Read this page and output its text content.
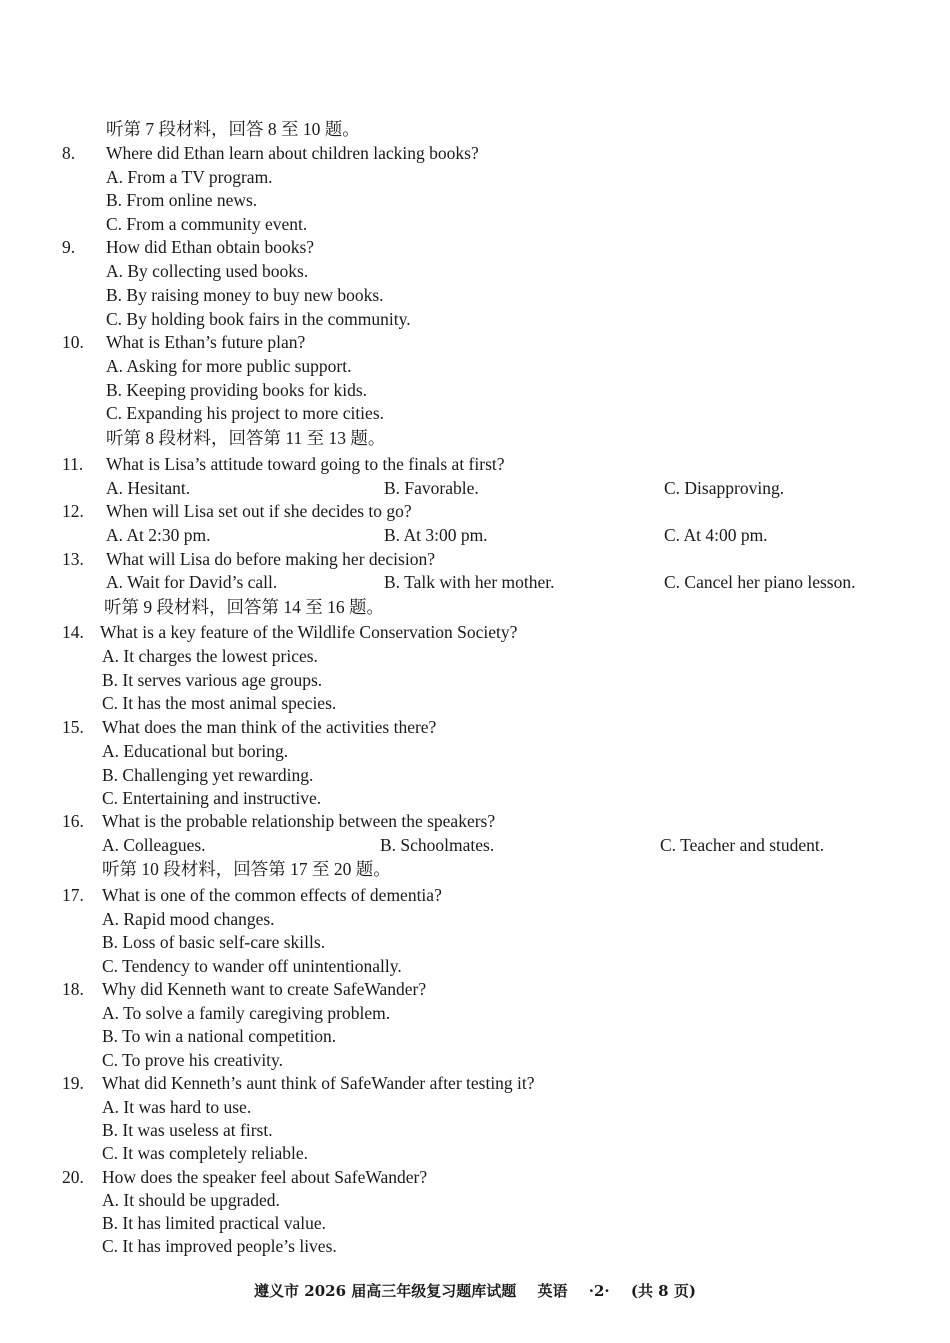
听第 7 段材料，回答 8 至 10 题。
8. Where did Ethan learn about children lacking books?
A. From a TV program.
B. From online news.
C. From a community event.
9. How did Ethan obtain books?
A. By collecting used books.
B. By raising money to buy new books.
C. By holding book fairs in the community.
10. What is Ethan’s future plan?
A. Asking for more public support.
B. Keeping providing books for kids.
C. Expanding his project to more cities.
听第 8 段材料，回答第 11 至 13 题。
11. What is Lisa’s attitude toward going to the finals at first?
A. Hesitant.	B. Favorable.	C. Disapproving.
12. When will Lisa set out if she decides to go?
A. At 2:30 pm.	B. At 3:00 pm.	C. At 4:00 pm.
13. What will Lisa do before making her decision?
A. Wait for David’s call.	B. Talk with her mother.	C. Cancel her piano lesson.
听第 9 段材料，回答第 14 至 16 题。
14. What is a key feature of the Wildlife Conservation Society?
A. It charges the lowest prices.
B. It serves various age groups.
C. It has the most animal species.
15. What does the man think of the activities there?
A. Educational but boring.
B. Challenging yet rewarding.
C. Entertaining and instructive.
16. What is the probable relationship between the speakers?
A. Colleagues.	B. Schoolmates.	C. Teacher and student.
听第 10 段材料，回答第 17 至 20 题。
17. What is one of the common effects of dementia?
A. Rapid mood changes.
B. Loss of basic self-care skills.
C. Tendency to wander off unintentionally.
18. Why did Kenneth want to create SafeWander?
A. To solve a family caregiving problem.
B. To win a national competition.
C. To prove his creativity.
19. What did Kenneth’s aunt think of SafeWander after testing it?
A. It was hard to use.
B. It was useless at first.
C. It was completely reliable.
20. How does the speaker feel about SafeWander?
A. It should be upgraded.
B. It has limited practical value.
C. It has improved people’s lives.
遵义市 2026 届高三年级复习题库试题 英语 ·2· (共 8 页)
